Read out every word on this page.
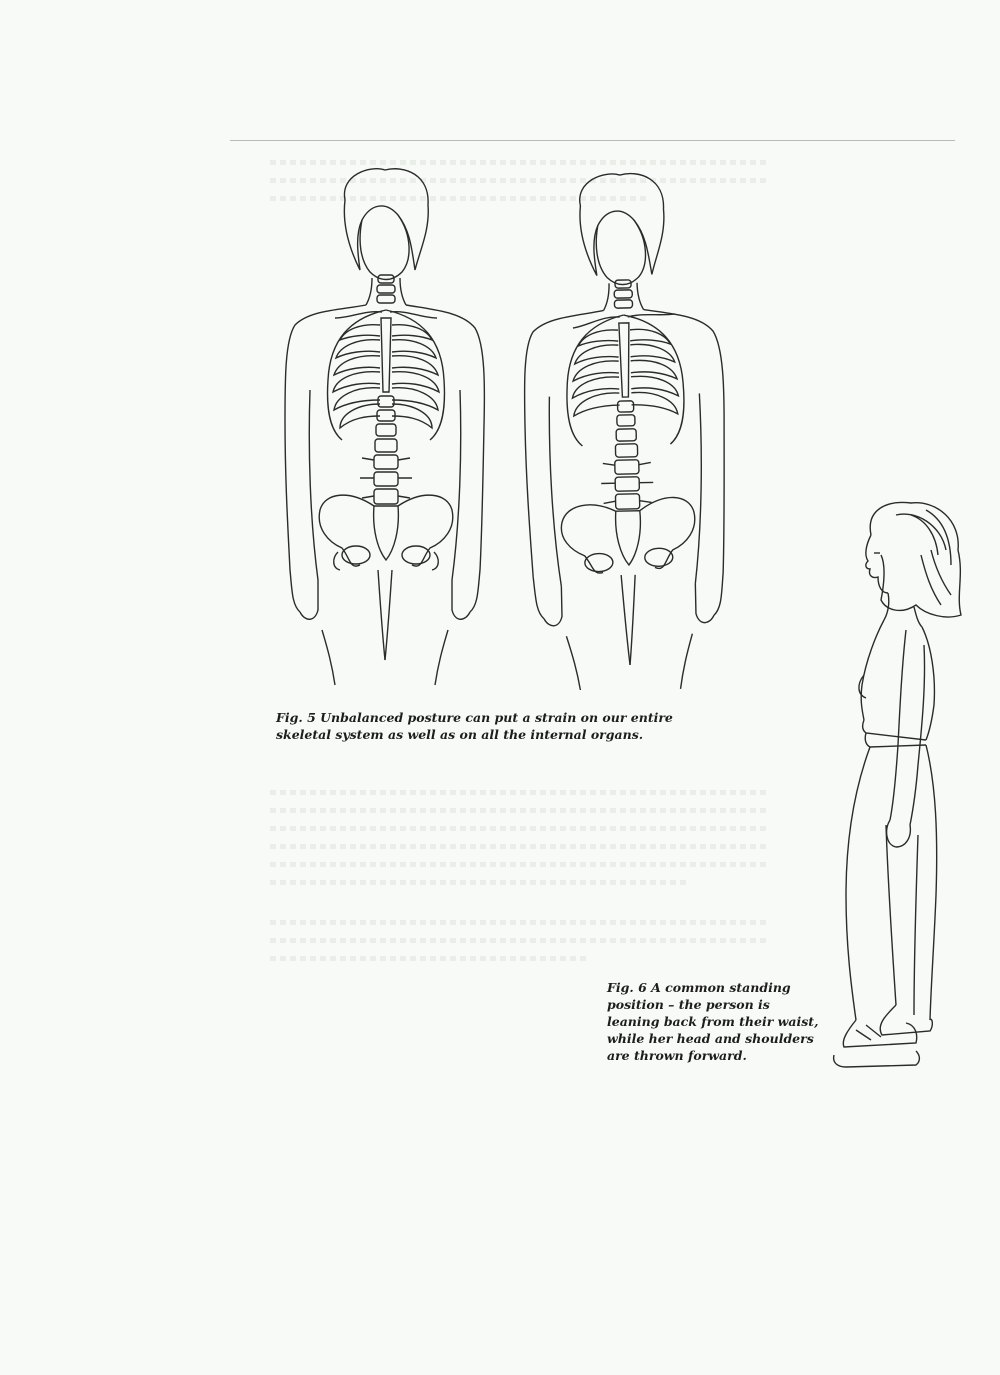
Fig. 5 Unbalanced posture can put a strain on our entire skeletal system as well as on all the internal organs.

Fig. 6 A common standing position – the person is leaning back from their waist, while her head and shoulders are thrown forward.
